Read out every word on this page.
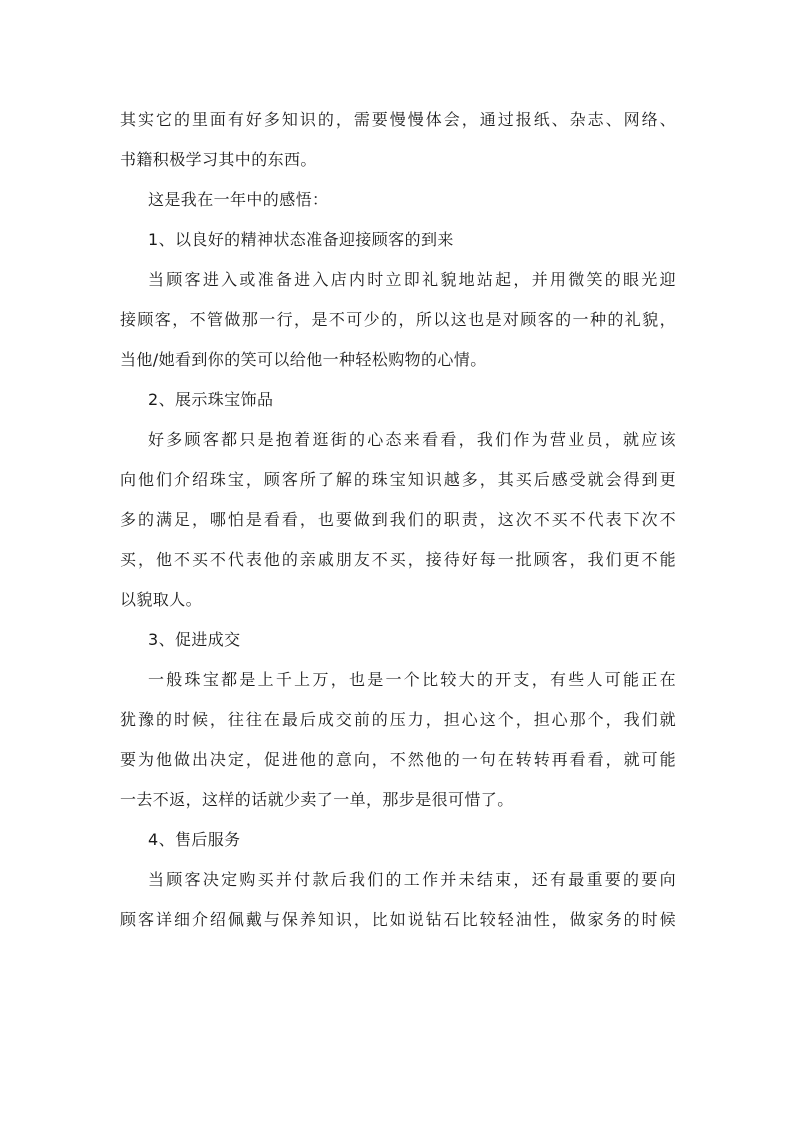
其实它的里面有好多知识的，需要慢慢体会，通过报纸、杂志、网络、
书籍积极学习其中的东西。
这是我在一年中的感悟：
1、以良好的精神状态准备迎接顾客的到来
当顾客进入或准备进入店内时立即礼貌地站起，并用微笑的眼光迎
接顾客，不管做那一行，是不可少的，所以这也是对顾客的一种的礼貌，
当他/她看到你的笑可以给他一种轻松购物的心情。
2、展示珠宝饰品
好多顾客都只是抱着逛街的心态来看看，我们作为营业员，就应该
向他们介绍珠宝，顾客所了解的珠宝知识越多，其买后感受就会得到更
多的满足，哪怕是看看，也要做到我们的职责，这次不买不代表下次不
买，他不买不代表他的亲戚朋友不买，接待好每一批顾客，我们更不能
以貌取人。
3、促进成交
一般珠宝都是上千上万，也是一个比较大的开支，有些人可能正在
犹豫的时候，往往在最后成交前的压力，担心这个，担心那个，我们就
要为他做出决定，促进他的意向，不然他的一句在转转再看看，就可能
一去不返，这样的话就少卖了一单，那步是很可惜了。
4、售后服务
当顾客决定购买并付款后我们的工作并未结束，还有最重要的要向
顾客详细介绍佩戴与保养知识，比如说钻石比较轻油性，做家务的时候
